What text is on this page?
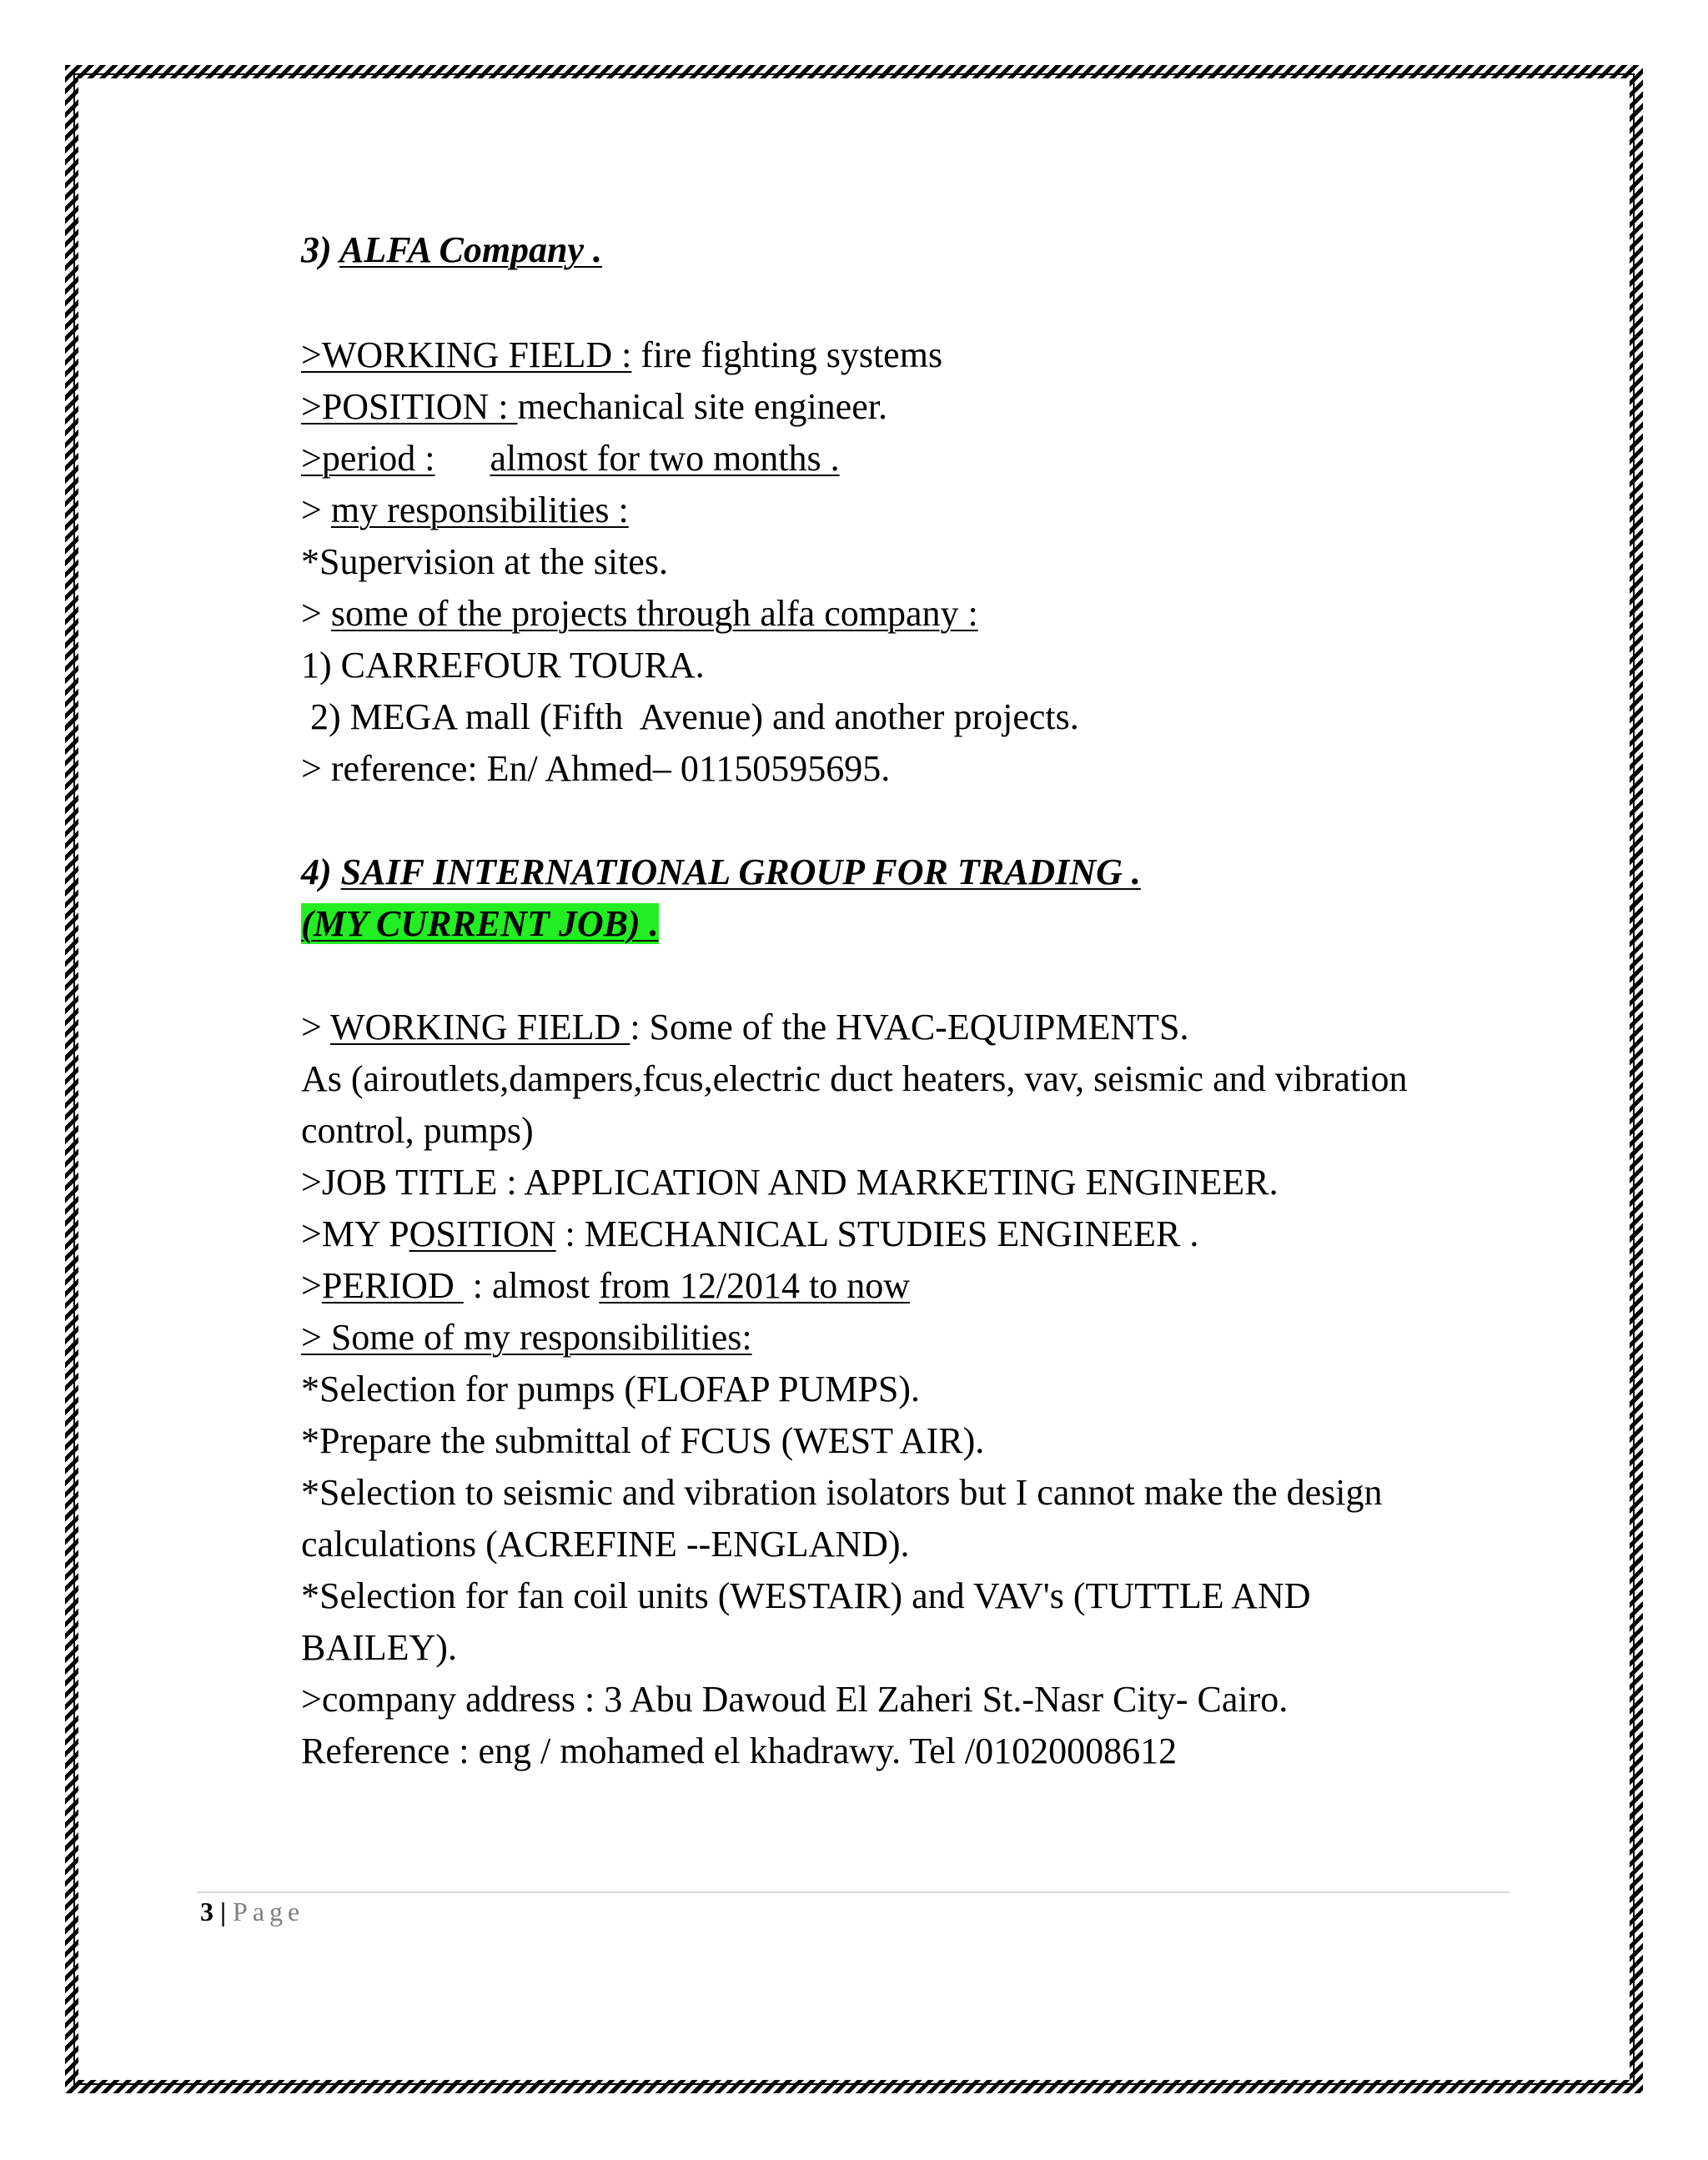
3) ALFA Company .
>WORKING FIELD : fire fighting systems
>POSITION : mechanical site engineer.
>period : almost for two months .
> my responsibilities :
*Supervision at the sites.
> some of the projects through alfa company :
1) CARREFOUR TOURA.
2) MEGA mall (Fifth  Avenue) and another projects.
> reference: En/ Ahmed– 01150595695.
4) SAIF INTERNATIONAL GROUP FOR TRADING .
(MY CURRENT JOB) .
> WORKING FIELD : Some of the HVAC-EQUIPMENTS.
As (airoutlets,dampers,fcus,electric duct heaters, vav, seismic and vibration
control, pumps)
>JOB TITLE : APPLICATION AND MARKETING ENGINEER.
>MY POSITION : MECHANICAL STUDIES ENGINEER .
>PERIOD  : almost from 12/2014 to now
> Some of my responsibilities:
*Selection for pumps (FLOFAP PUMPS).
*Prepare the submittal of FCUS (WEST AIR).
*Selection to seismic and vibration isolators but I cannot make the design
calculations (ACREFINE --ENGLAND).
*Selection for fan coil units (WESTAIR) and VAV's (TUTTLE AND
BAILEY).
>company address : 3 Abu Dawoud El Zaheri St.-Nasr City- Cairo.
Reference : eng / mohamed el khadrawy. Tel /01020008612
3 | Page
